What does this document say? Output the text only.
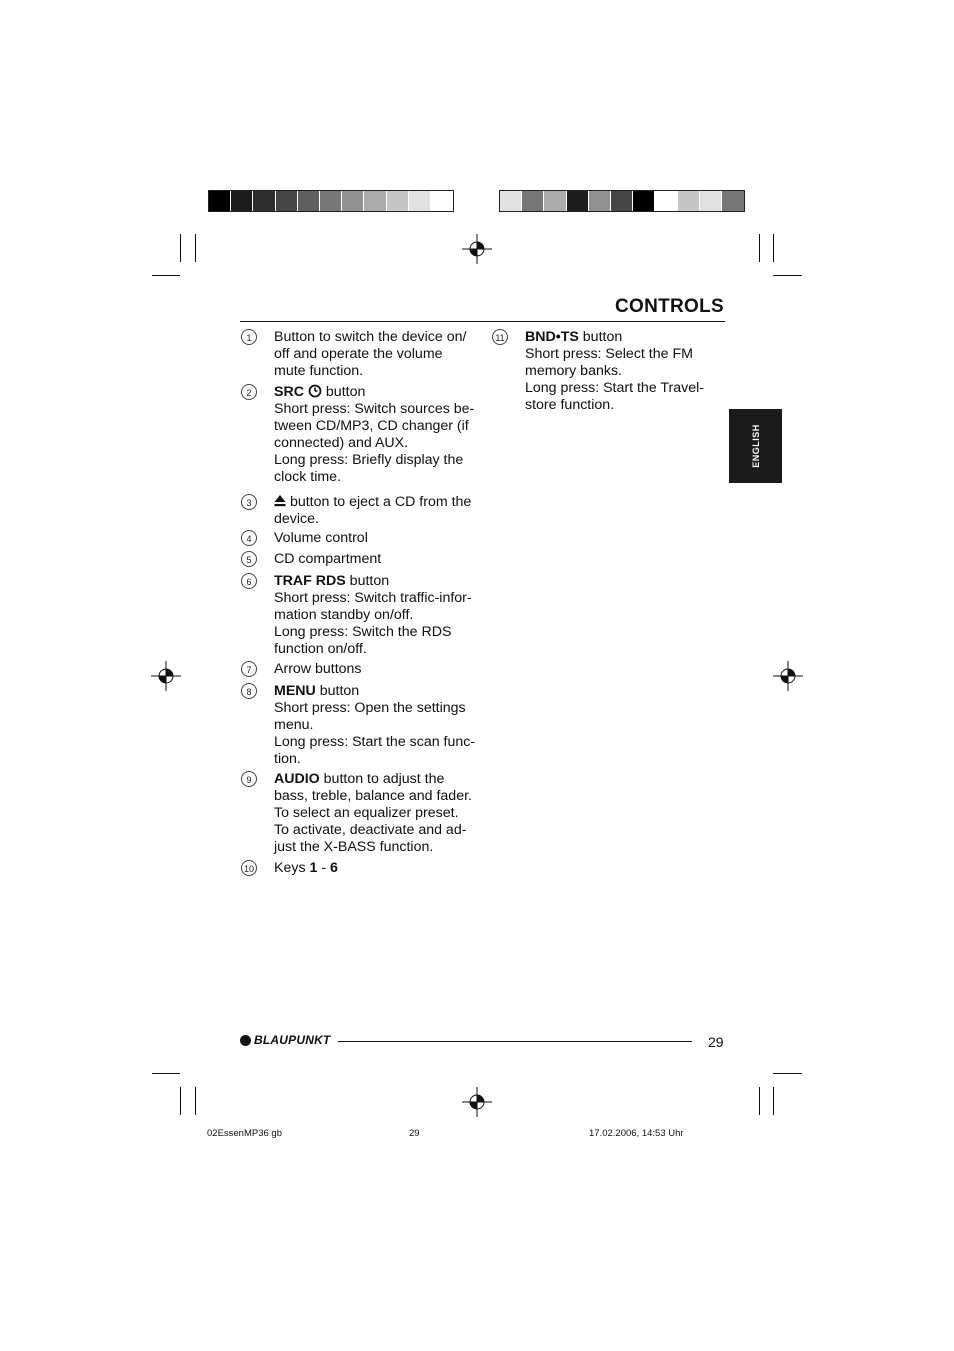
CONTROLS
ENGLISH
1	Button to switch the device on/
off and operate the volume
mute function.
2	SRC button
Short press: Switch sources be-
tween CD/MP3, CD changer (if
connected) and AUX.
Long press: Briefly display the
clock time.
3	button to eject a CD from the
device.
4	Volume control
5	CD compartment
6	TRAF RDS button
Short press: Switch traffic-infor-
mation standby on/off.
Long press: Switch the RDS
function on/off.
7	Arrow buttons
8	MENU button
Short press: Open the settings
menu.
Long press: Start the scan func-
tion.
9	AUDIO button to adjust the
bass, treble, balance and fader.
To select an equalizer preset.
To activate, deactivate and ad-
just the X-BASS function.
10 Keys 1 - 6
11 BND•TS button
Short press: Select the FM
memory banks.
Long press: Start the Travel-
store function.
BLAUPUNKT	29
02EssenMP36 gb	29	17.02.2006, 14:53 Uhr
